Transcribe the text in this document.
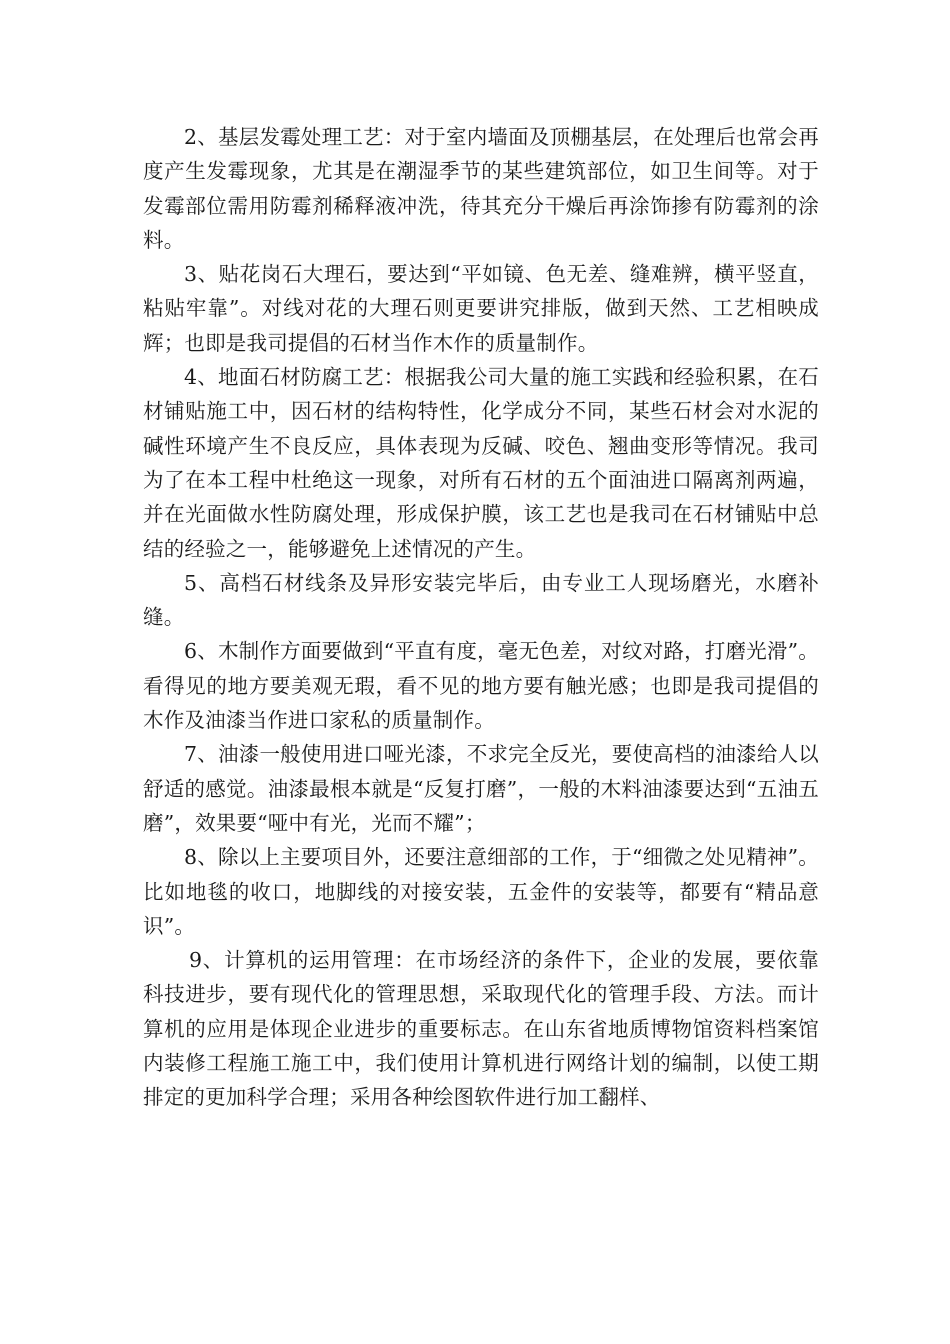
2、基层发霉处理工艺：对于室内墙面及顶棚基层，在处理后也常会再度产生发霉现象，尤其是在潮湿季节的某些建筑部位，如卫生间等。对于发霉部位需用防霉剂稀释液冲洗，待其充分干燥后再涂饰掺有防霉剂的涂料。

3、贴花岗石大理石，要达到“平如镜、色无差、缝难辨，横平竖直，粘贴牢靠”。对线对花的大理石则更要讲究排版，做到天然、工艺相映成辉；也即是我司提倡的石材当作木作的质量制作。

4、地面石材防腐工艺：根据我公司大量的施工实践和经验积累，在石材铺贴施工中，因石材的结构特性，化学成分不同，某些石材会对水泥的碱性环境产生不良反应，具体表现为反碱、咬色、翘曲变形等情况。我司为了在本工程中杜绝这一现象，对所有石材的五个面油进口隔离剂两遍，并在光面做水性防腐处理，形成保护膜，该工艺也是我司在石材铺贴中总结的经验之一，能够避免上述情况的产生。

5、高档石材线条及异形安装完毕后，由专业工人现场磨光，水磨补缝。

6、木制作方面要做到“平直有度，毫无色差，对纹对路，打磨光滑”。看得见的地方要美观无瑕，看不见的地方要有触光感；也即是我司提倡的木作及油漆当作进口家私的质量制作。

7、油漆一般使用进口哑光漆，不求完全反光，要使高档的油漆给人以舒适的感觉。油漆最根本就是“反复打磨”，一般的木料油漆要达到“五油五磨”，效果要“哑中有光，光而不耀”；

8、除以上主要项目外，还要注意细部的工作，于“细微之处见精神”。比如地毯的收口，地脚线的对接安装，五金件的安装等，都要有“精品意识”。

9、计算机的运用管理：在市场经济的条件下，企业的发展，要依靠科技进步，要有现代化的管理思想，采取现代化的管理手段、方法。而计算机的应用是体现企业进步的重要标志。在山东省地质博物馆资料档案馆内装修工程施工施工中，我们使用计算机进行网络计划的编制，以使工期排定的更加科学合理；采用各种绘图软件进行加工翻样、
